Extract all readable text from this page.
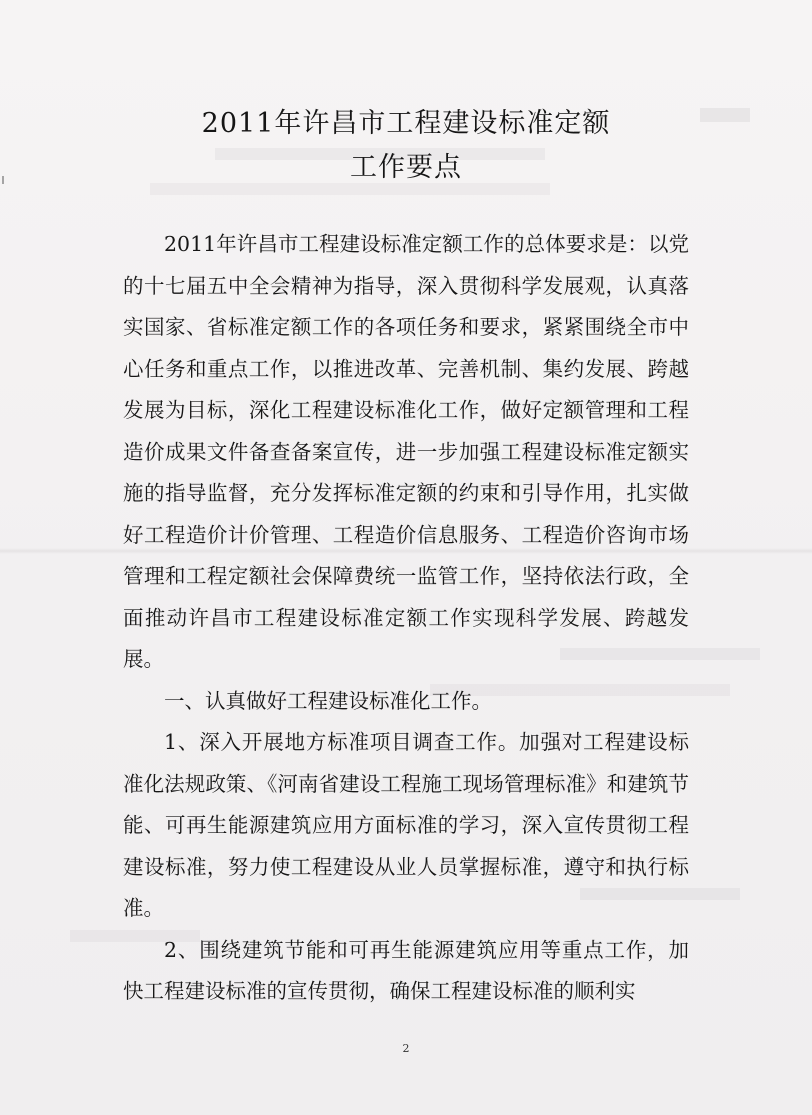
2011年许昌市工程建设标准定额
工作要点

2011年许昌市工程建设标准定额工作的总体要求是：以党的十七届五中全会精神为指导，深入贯彻科学发展观，认真落实国家、省标准定额工作的各项任务和要求，紧紧围绕全市中心任务和重点工作，以推进改革、完善机制、集约发展、跨越发展为目标，深化工程建设标准化工作，做好定额管理和工程造价成果文件备查备案宣传，进一步加强工程建设标准定额实施的指导监督，充分发挥标准定额的约束和引导作用，扎实做好工程造价计价管理、工程造价信息服务、工程造价咨询市场管理和工程定额社会保障费统一监管工作，坚持依法行政，全面推动许昌市工程建设标准定额工作实现科学发展、跨越发展。

一、认真做好工程建设标准化工作。

1、深入开展地方标准项目调查工作。加强对工程建设标准化法规政策、《河南省建设工程施工现场管理标准》和建筑节能、可再生能源建筑应用方面标准的学习，深入宣传贯彻工程建设标准，努力使工程建设从业人员掌握标准，遵守和执行标准。

2、围绕建筑节能和可再生能源建筑应用等重点工作，加快工程建设标准的宣传贯彻，确保工程建设标准的顺利实

2
